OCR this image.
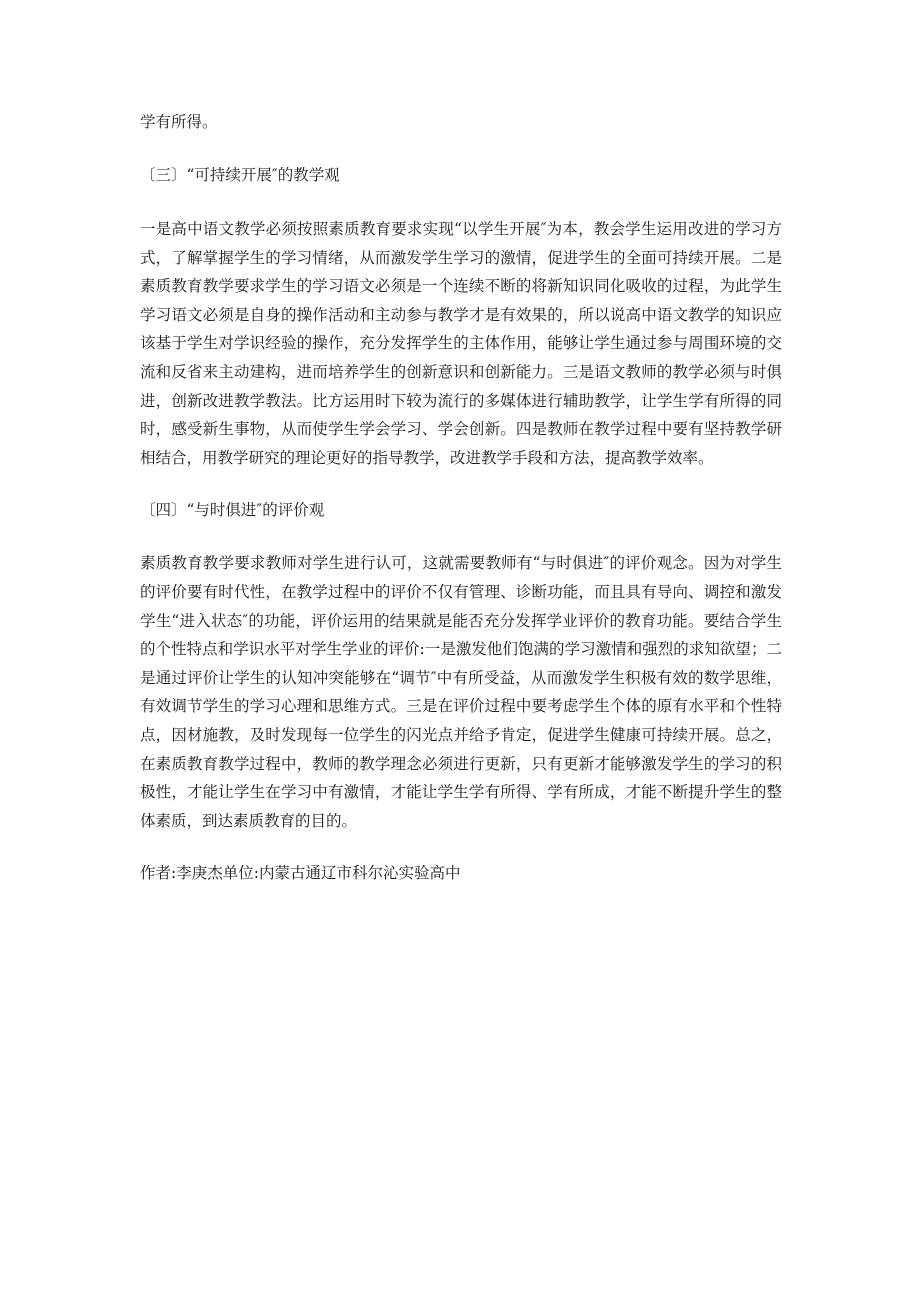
学有所得。

〔三〕“可持续开展″的教学观

一是高中语文教学必须按照素质教育要求实现“以学生开展″为本，教会学生运用改进的学习方式，了解掌握学生的学习情绪，从而激发学生学习的激情，促进学生的全面可持续开展。二是素质教育教学要求学生的学习语文必须是一个连续不断的将新知识同化吸收的过程，为此学生学习语文必须是自身的操作活动和主动参与教学才是有效果的，所以说高中语文教学的知识应该基于学生对学识经验的操作，充分发挥学生的主体作用，能够让学生通过参与周围环境的交流和反省来主动建构，进而培养学生的创新意识和创新能力。三是语文教师的教学必须与时俱进，创新改进教学教法。比方运用时下较为流行的多媒体进行辅助教学，让学生学有所得的同时，感受新生事物，从而使学生学会学习、学会创新。四是教师在教学过程中要有坚持教学研相结合，用教学研究的理论更好的指导教学，改进教学手段和方法，提高教学效率。

〔四〕“与时俱进″的评价观

素质教育教学要求教师对学生进行认可，这就需要教师有“与时俱进″的评价观念。因为对学生的评价要有时代性，在教学过程中的评价不仅有管理、诊断功能，而且具有导向、调控和激发学生“进入状态″的功能，评价运用的结果就是能否充分发挥学业评价的教育功能。要结合学生的个性特点和学识水平对学生学业的评价:一是激发他们饱满的学习激情和强烈的求知欲望；二是通过评价让学生的认知冲突能够在“调节″中有所受益，从而激发学生积极有效的数学思维，有效调节学生的学习心理和思维方式。三是在评价过程中要考虑学生个体的原有水平和个性特点，因材施教，及时发现每一位学生的闪光点并给予肯定，促进学生健康可持续开展。总之，在素质教育教学过程中，教师的教学理念必须进行更新，只有更新才能够激发学生的学习的积极性，才能让学生在学习中有激情，才能让学生学有所得、学有所成，才能不断提升学生的整体素质，到达素质教育的目的。

作者:李庚杰单位:内蒙古通辽市科尔沁实验高中
